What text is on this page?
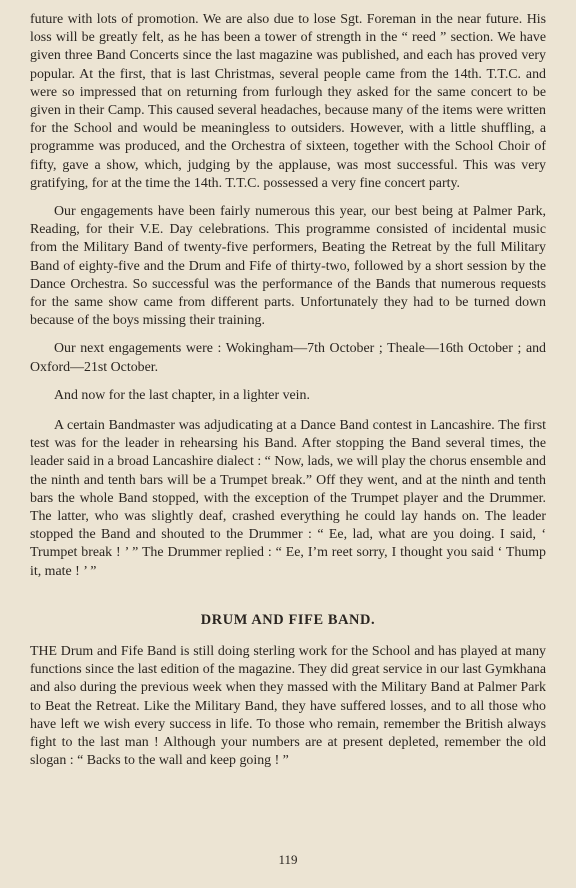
future with lots of promotion. We are also due to lose Sgt. Foreman in the near future. His loss will be greatly felt, as he has been a tower of strength in the “ reed ” section. We have given three Band Concerts since the last magazine was published, and each has proved very popular. At the first, that is last Christmas, several people came from the 14th. T.T.C. and were so impressed that on returning from furlough they asked for the same concert to be given in their Camp. This caused several headaches, because many of the items were written for the School and would be meaningless to outsiders. However, with a little shuffling, a programme was produced, and the Orchestra of sixteen, together with the School Choir of fifty, gave a show, which, judging by the applause, was most successful. This was very gratifying, for at the time the 14th. T.T.C. possessed a very fine concert party.

Our engagements have been fairly numerous this year, our best being at Palmer Park, Reading, for their V.E. Day celebrations. This programme consisted of incidental music from the Military Band of twenty-five performers, Beating the Retreat by the full Military Band of eighty-five and the Drum and Fife of thirty-two, followed by a short session by the Dance Orchestra. So successful was the performance of the Bands that numerous requests for the same show came from different parts. Unfortunately they had to be turned down because of the boys missing their training.

Our next engagements were : Wokingham—7th October ; Theale—16th October ; and Oxford—21st October.

And now for the last chapter, in a lighter vein.

A certain Bandmaster was adjudicating at a Dance Band contest in Lancashire. The first test was for the leader in rehearsing his Band. After stopping the Band several times, the leader said in a broad Lancashire dialect : “ Now, lads, we will play the chorus ensemble and the ninth and tenth bars will be a Trumpet break.” Off they went, and at the ninth and tenth bars the whole Band stopped, with the exception of the Trumpet player and the Drummer. The latter, who was slightly deaf, crashed everything he could lay hands on. The leader stopped the Band and shouted to the Drummer : “ Ee, lad, what are you doing. I said, ‘ Trumpet break ! ’ ” The Drummer replied : “ Ee, I’m reet sorry, I thought you said ‘ Thump it, mate ! ’ ”

DRUM AND FIFE BAND.

THE Drum and Fife Band is still doing sterling work for the School and has played at many functions since the last edition of the magazine. They did great service in our last Gymkhana and also during the previous week when they massed with the Military Band at Palmer Park to Beat the Retreat. Like the Military Band, they have suffered losses, and to all those who have left we wish every success in life. To those who remain, remember the British always fight to the last man ! Although your numbers are at present depleted, remember the old slogan : “ Backs to the wall and keep going ! ”

119
